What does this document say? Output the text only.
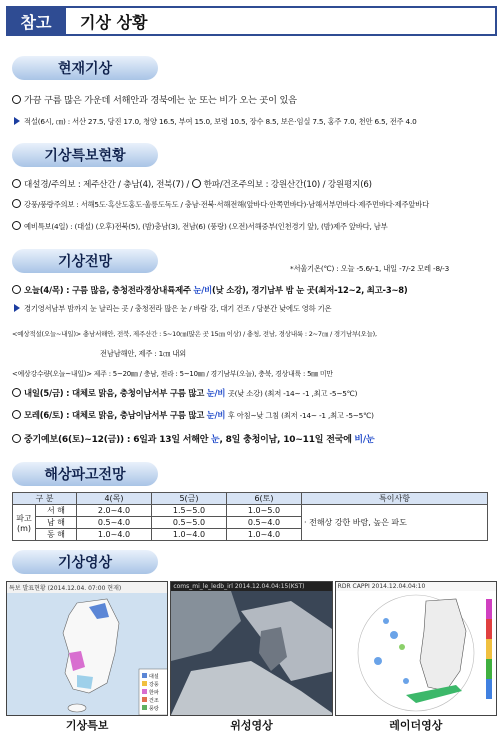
참고	기상 상황
현재기상
가끔 구름 많은 가운데 서해안과 경북에는 눈 또는 비가 오는 곳이 있음
적설(6시, ㎝) : 서산 27.5, 당진 17.0, 청양 16.5, 부여 15.0, 보령 10.5, 장수 8.5, 보은·임실 7.5, 홍주 7.0, 천안 6.5, 전주 4.0
기상특보현황
대설경/주의보 : 제주산간 / 충남(4), 전북(7) / 한파/건조주의보 : 강원산간(10) / 강원평지(6)
강풍/풍랑주의보 : 서해5도·흑산도홍도·울릉도독도 / 충남·전북·서해전해(앞바다·안쪽먼바다)·남해서부먼바다·제주먼바다·제주앞바다
예비특보(4일) : (대설) (오후)전북(5), (밤)충남(3), 전남(6) (풍랑) (오전)서해중부(인천경기 앞), (밤)제주 앞바다, 남부
기상전망	*서울기온(℃) : 오늘 -5.6/-1, 내일 -7/-2 모레 -8/-3
오늘(4/목) : 구름 많음, 충청전라경상내륙제주 눈/비(낮 소강), 경기남부 밤 눈 곳(최저-12~2, 최고-3~8)
경기영서남부 밤까지 눈 날리는 곳 / 충청전라 많은 눈 / 바람 강, 대기 건조 / 당분간 낮에도 영하 기온
<예상적설(오늘~내일)> 충남서해안, 전북, 제주산간 : 5~10㎝(많은 곳 15㎝ 이상) / 충청, 전남, 경상내륙 : 2~7㎝ / 경기남부(오늘),
전남남해안, 제주 : 1㎝ 내외
<예상강수량(오늘~내일)> 제주 : 5~20㎜ / 충남, 전라 : 5~10㎜ / 경기남부(오늘), 충북, 경상내륙 : 5㎜ 미만
내일(5/금) : 대체로 맑음, 충청이남서부 구름 많고 눈/비 곳(낮 소강) (최저 -14~ -1 ,최고 -5~5℃)
모레(6/토) : 대체로 맑음, 충남이남서부 구름 많고 눈/비 후 아침~낮 그침 (최저 -14~ -1 ,최고 -5~5℃)
중기예보(6(토)~12(금)) : 6일과 13일 서해안 눈, 8일 충청이남, 10~11일 전국에 비/눈
해상파고전망
구 분		4(목)	5(금)	6(토)	특이사항
파고(m)	서 해	2.0~4.0	1.5~5.0	1.0~5.0	· 전해상 강한 바람, 높은 파도
	남 해	0.5~4.0	0.5~5.0	0.5~4.0	
	동 해	1.0~4.0	1.0~4.0	1.0~4.0	
기상영상
특보 발표현황 (2014.12.04. 07:00 현재)
대설
강풍
한파
건조
풍랑
coms_mi_le_ledb_irl 2014.12.04.04:15(KST)	RDR CAPPI 2014.12.04.04:10
기상특보	위성영상	레이더영상
